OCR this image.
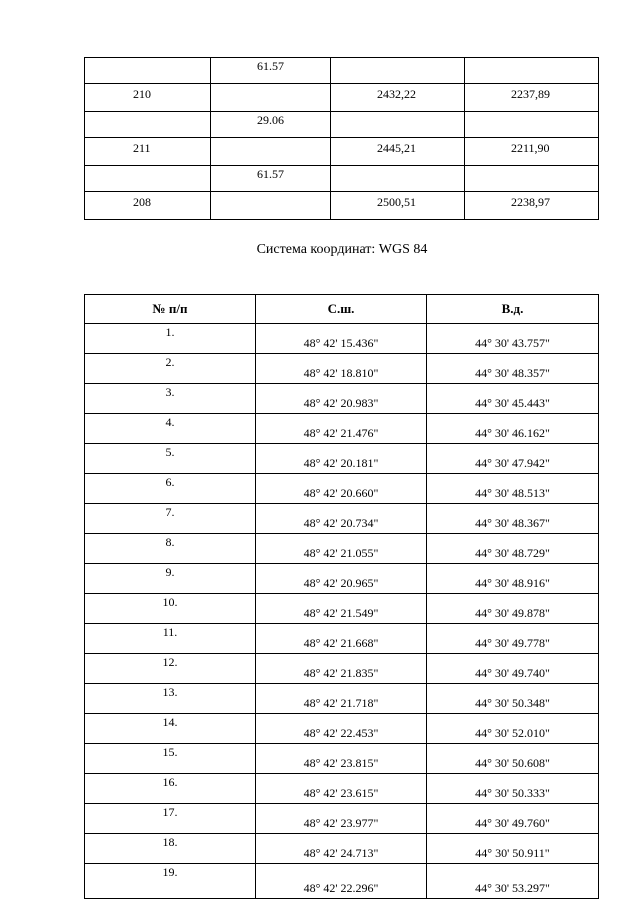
	61.57		
210		2432,22	2237,89
	29.06		
211		2445,21	2211,90
	61.57		
208		2500,51	2238,97
Система координат: WGS 84
№ п/п	С.ш.	В.д.
1.	48° 42' 15.436"	44° 30' 43.757"
2.	48° 42' 18.810"	44° 30' 48.357"
3.	48° 42' 20.983"	44° 30' 45.443"
4.	48° 42' 21.476"	44° 30' 46.162"
5.	48° 42' 20.181"	44° 30' 47.942"
6.	48° 42' 20.660"	44° 30' 48.513"
7.	48° 42' 20.734"	44° 30' 48.367"
8.	48° 42' 21.055"	44° 30' 48.729"
9.	48° 42' 20.965"	44° 30' 48.916"
10.	48° 42' 21.549"	44° 30' 49.878"
11.	48° 42' 21.668"	44° 30' 49.778"
12.	48° 42' 21.835"	44° 30' 49.740"
13.	48° 42' 21.718"	44° 30' 50.348"
14.	48° 42' 22.453"	44° 30' 52.010"
15.	48° 42' 23.815"	44° 30' 50.608"
16.	48° 42' 23.615"	44° 30' 50.333"
17.	48° 42' 23.977"	44° 30' 49.760"
18.	48° 42' 24.713"	44° 30' 50.911"
19.	48° 42' 22.296"	44° 30' 53.297"
